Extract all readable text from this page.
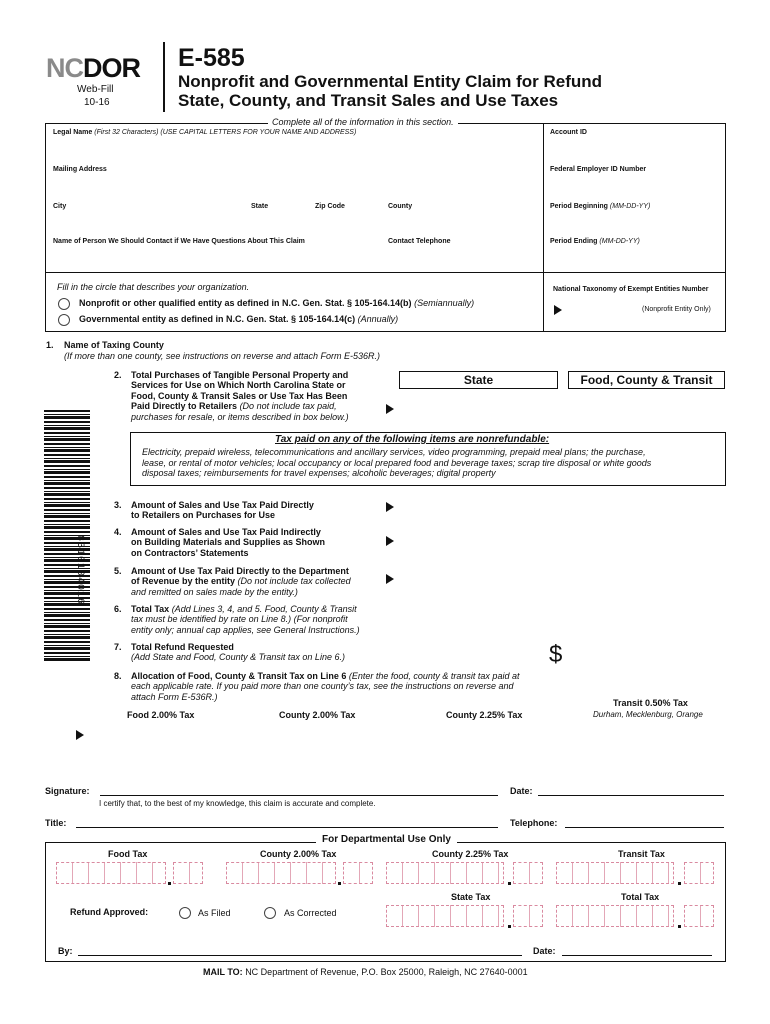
NCDOR
Web-Fill
10-16
E-585
Nonprofit and Governmental Entity Claim for Refund
State, County, and Transit Sales and Use Taxes
Complete all of the information in this section.
Legal Name (First 32 Characters) (USE CAPITAL LETTERS FOR YOUR NAME AND ADDRESS)	Account ID
Mailing Address	Federal Employer ID Number
City	State	Zip Code	County	Period Beginning (MM-DD-YY)
Name of Person We Should Contact if We Have Questions About This Claim	Contact Telephone	Period Ending (MM-DD-YY)
Fill in the circle that describes your organization.
Nonprofit or other qualified entity as defined in N.C. Gen. Stat. § 105-164.14(b) (Semiannually)
Governmental entity as defined in N.C. Gen. Stat. § 105-164.14(c) (Annually)
National Taxonomy of Exempt Entities Number
(Nonprofit Entity Only)
1. Name of Taxing County
(If more than one county, see instructions on reverse and attach Form E-536R.)
2. Total Purchases of Tangible Personal Property and
Services for Use on Which North Carolina State or
Food, County & Transit Sales or Use Tax Has Been
Paid Directly to Retailers (Do not include tax paid,
purchases for resale, or items described in box below.)
State	Food, County & Transit
Tax paid on any of the following items are nonrefundable:
Electricity, prepaid wireless, telecommunications and ancillary services, video programming, prepaid meal plans; the purchase,
lease, or rental of motor vehicles; local occupancy or local prepared food and beverage taxes; scrap tire disposal or white goods
disposal taxes; reimbursements for travel expenses; alcoholic beverages; digital property
8310104016
3. Amount of Sales and Use Tax Paid Directly
to Retailers on Purchases for Use
4. Amount of Sales and Use Tax Paid Indirectly
on Building Materials and Supplies as Shown
on Contractors’ Statements
5. Amount of Use Tax Paid Directly to the Department
of Revenue by the entity (Do not include tax collected
and remitted on sales made by the entity.)
6. Total Tax (Add Lines 3, 4, and 5. Food, County & Transit
tax must be identified by rate on Line 8.) (For nonprofit
entity only; annual cap applies, see General Instructions.)
7. Total Refund Requested
(Add State and Food, County & Transit tax on Line 6.)	$
8. Allocation of Food, County & Transit Tax on Line 6 (Enter the food, county & transit tax paid at
each applicable rate. If you paid more than one county’s tax, see the instructions on reverse and
attach Form E-536R.)
Food 2.00% Tax	County 2.00% Tax	County 2.25% Tax
Transit 0.50% Tax
Durham, Mecklenburg, Orange
Signature:	Date:
I certify that, to the best of my knowledge, this claim is accurate and complete.
Title:	Telephone:
For Departmental Use Only
Food Tax	County 2.00% Tax	County 2.25% Tax	Transit Tax
State Tax	Total Tax
Refund Approved:	As Filed	As Corrected
By:	Date:
MAIL TO: NC Department of Revenue, P.O. Box 25000, Raleigh, NC 27640-0001
